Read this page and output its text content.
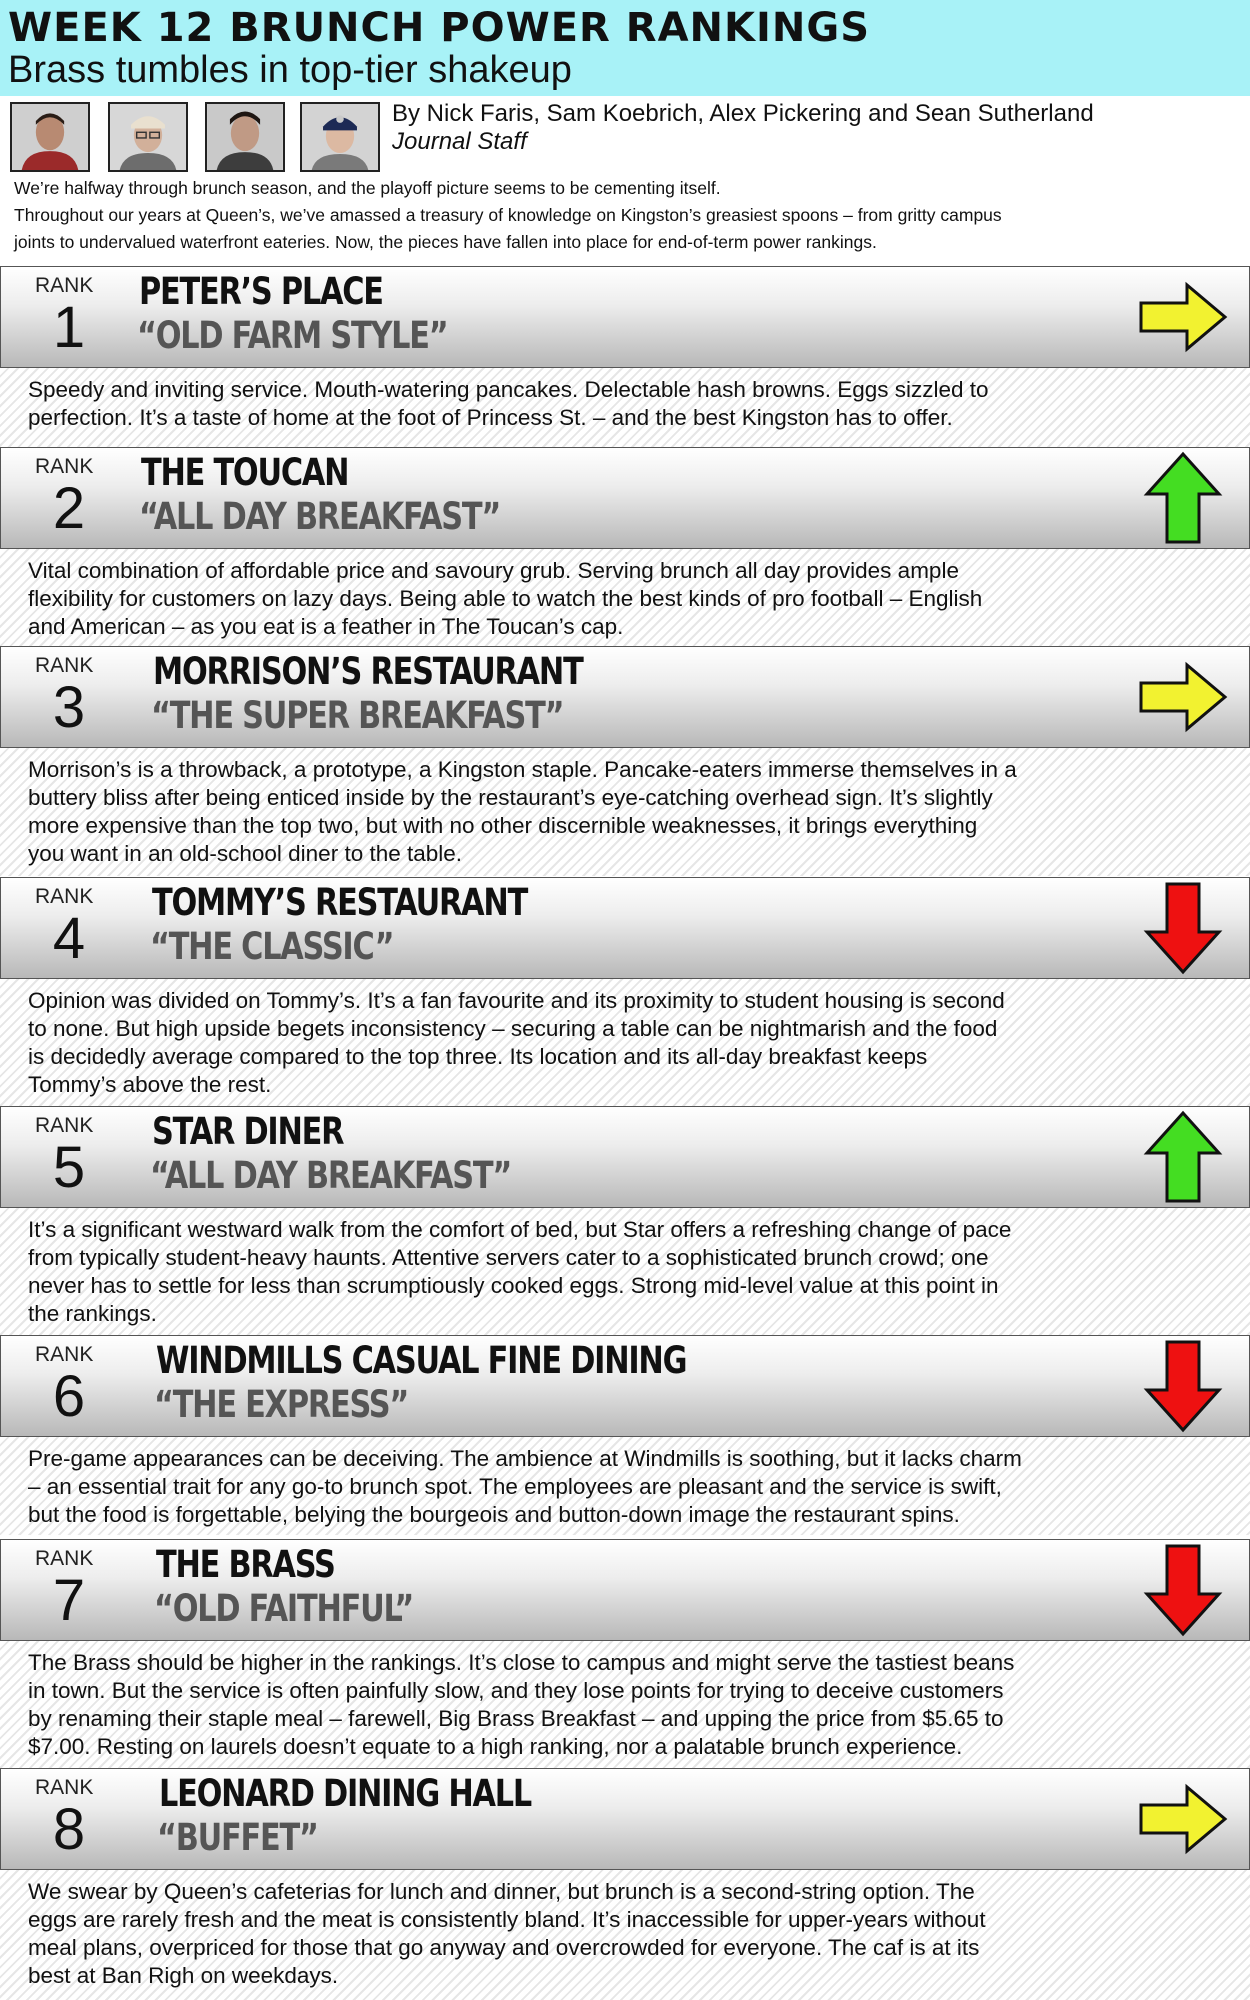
WEEK 12 BRUNCH POWER RANKINGS
Brass tumbles in top-tier shakeup
By Nick Faris, Sam Koebrich, Alex Pickering and Sean Sutherland
Journal Staff
We’re halfway through brunch season, and the playoff picture seems to be cementing itself.
Throughout our years at Queen’s, we’ve amassed a treasury of knowledge on Kingston’s greasiest spoons – from gritty campus
joints to undervalued waterfront eateries. Now, the pieces have fallen into place for end-of-term power rankings.
RANK
1
PETER’S PLACE
“OLD FARM STYLE”
Speedy and inviting service. Mouth-watering pancakes. Delectable hash browns. Eggs sizzled to
perfection. It’s a taste of home at the foot of Princess St. – and the best Kingston has to offer.
RANK
2
THE TOUCAN
“ALL DAY BREAKFAST”
Vital combination of affordable price and savoury grub. Serving brunch all day provides ample
flexibility for customers on lazy days. Being able to watch the best kinds of pro football – English
and American – as you eat is a feather in The Toucan’s cap.
RANK
3
MORRISON’S RESTAURANT
“THE SUPER BREAKFAST”
Morrison’s is a throwback, a prototype, a Kingston staple. Pancake-eaters immerse themselves in a
buttery bliss after being enticed inside by the restaurant’s eye-catching overhead sign. It’s slightly
more expensive than the top two, but with no other discernible weaknesses, it brings everything
you want in an old-school diner to the table.
RANK
4
TOMMY’S RESTAURANT
“THE CLASSIC”
Opinion was divided on Tommy’s. It’s a fan favourite and its proximity to student housing is second
to none. But high upside begets inconsistency – securing a table can be nightmarish and the food
is decidedly average compared to the top three. Its location and its all-day breakfast keeps
Tommy’s above the rest.
RANK
5
STAR DINER
“ALL DAY BREAKFAST”
It’s a significant westward walk from the comfort of bed, but Star offers a refreshing change of pace
from typically student-heavy haunts. Attentive servers cater to a sophisticated brunch crowd; one
never has to settle for less than scrumptiously cooked eggs. Strong mid-level value at this point in
the rankings.
RANK
6
WINDMILLS CASUAL FINE DINING
“THE EXPRESS”
Pre-game appearances can be deceiving. The ambience at Windmills is soothing, but it lacks charm
– an essential trait for any go-to brunch spot. The employees are pleasant and the service is swift,
but the food is forgettable, belying the bourgeois and button-down image the restaurant spins.
RANK
7
THE BRASS
“OLD FAITHFUL”
The Brass should be higher in the rankings. It’s close to campus and might serve the tastiest beans
in town. But the service is often painfully slow, and they lose points for trying to deceive customers
by renaming their staple meal – farewell, Big Brass Breakfast – and upping the price from $5.65 to
$7.00. Resting on laurels doesn’t equate to a high ranking, nor a palatable brunch experience.
RANK
8
LEONARD DINING HALL
“BUFFET”
We swear by Queen’s cafeterias for lunch and dinner, but brunch is a second-string option. The
eggs are rarely fresh and the meat is consistently bland. It’s inaccessible for upper-years without
meal plans, overpriced for those that go anyway and overcrowded for everyone. The caf is at its
best at Ban Righ on weekdays.
